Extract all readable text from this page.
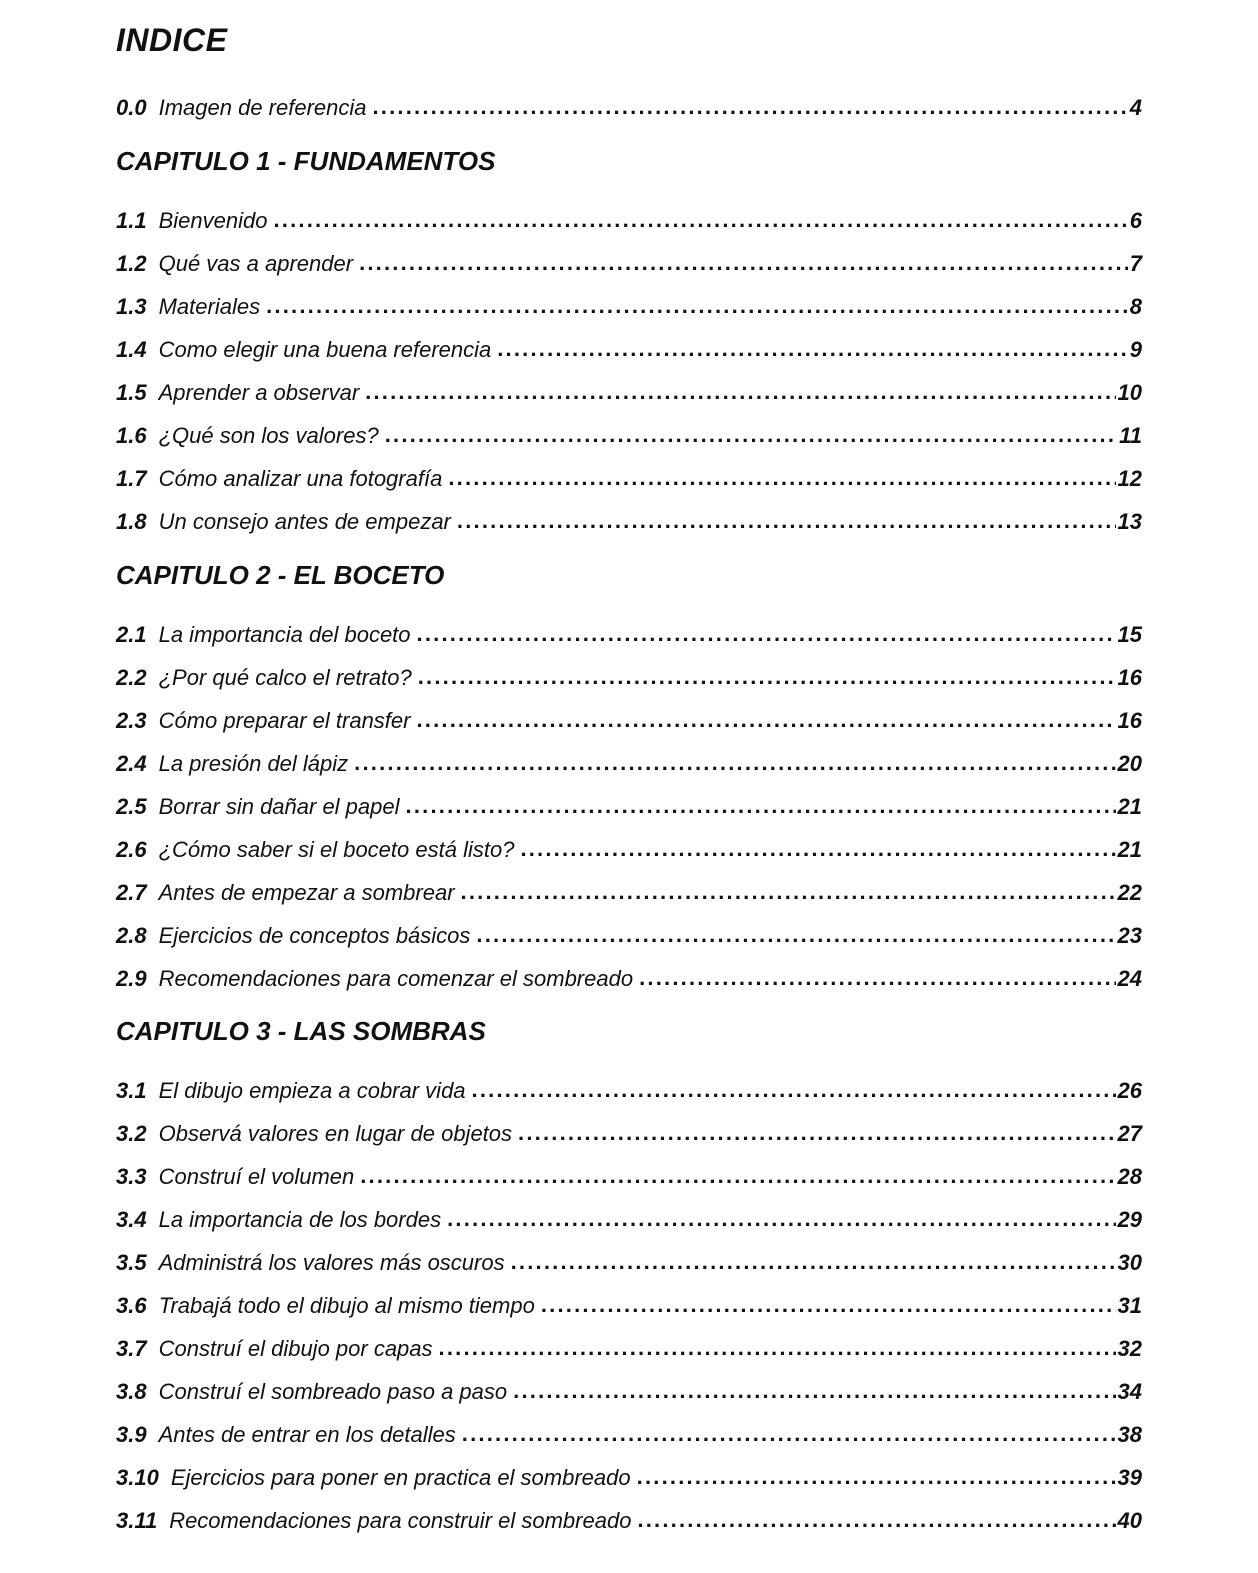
INDICE
0.0 Imagen de referencia .....	4
CAPITULO 1 - FUNDAMENTOS
1.1 Bienvenido .....	6
1.2 Qué vas a aprender .....	7
1.3 Materiales .....	8
1.4 Como elegir una buena referencia .....	9
1.5 Aprender a observar .....	10
1.6 ¿Qué son los valores? .....	11
1.7 Cómo analizar una fotografía .....	12
1.8 Un consejo antes de empezar .....	13
CAPITULO 2 - EL BOCETO
2.1 La importancia del boceto .....	15
2.2 ¿Por qué calco el retrato? .....	16
2.3 Cómo preparar el transfer .....	16
2.4 La presión del lápiz .....	20
2.5 Borrar sin dañar el papel .....	21
2.6 ¿Cómo saber si el boceto está listo? .....	21
2.7 Antes de empezar a sombrear .....	22
2.8 Ejercicios de conceptos básicos .....	23
2.9 Recomendaciones para comenzar el sombreado .....	24
CAPITULO 3 - LAS SOMBRAS
3.1 El dibujo empieza a cobrar vida .....	26
3.2 Observá valores en lugar de objetos .....	27
3.3 Construí el volumen .....	28
3.4 La importancia de los bordes .....	29
3.5 Administrá los valores más oscuros .....	30
3.6 Trabajá todo el dibujo al mismo tiempo .....	31
3.7 Construí el dibujo por capas .....	32
3.8 Construí el sombreado paso a paso .....	34
3.9 Antes de entrar en los detalles .....	38
3.10 Ejercicios para poner en practica el sombreado .....	39
3.11 Recomendaciones para construir el sombreado .....	40
